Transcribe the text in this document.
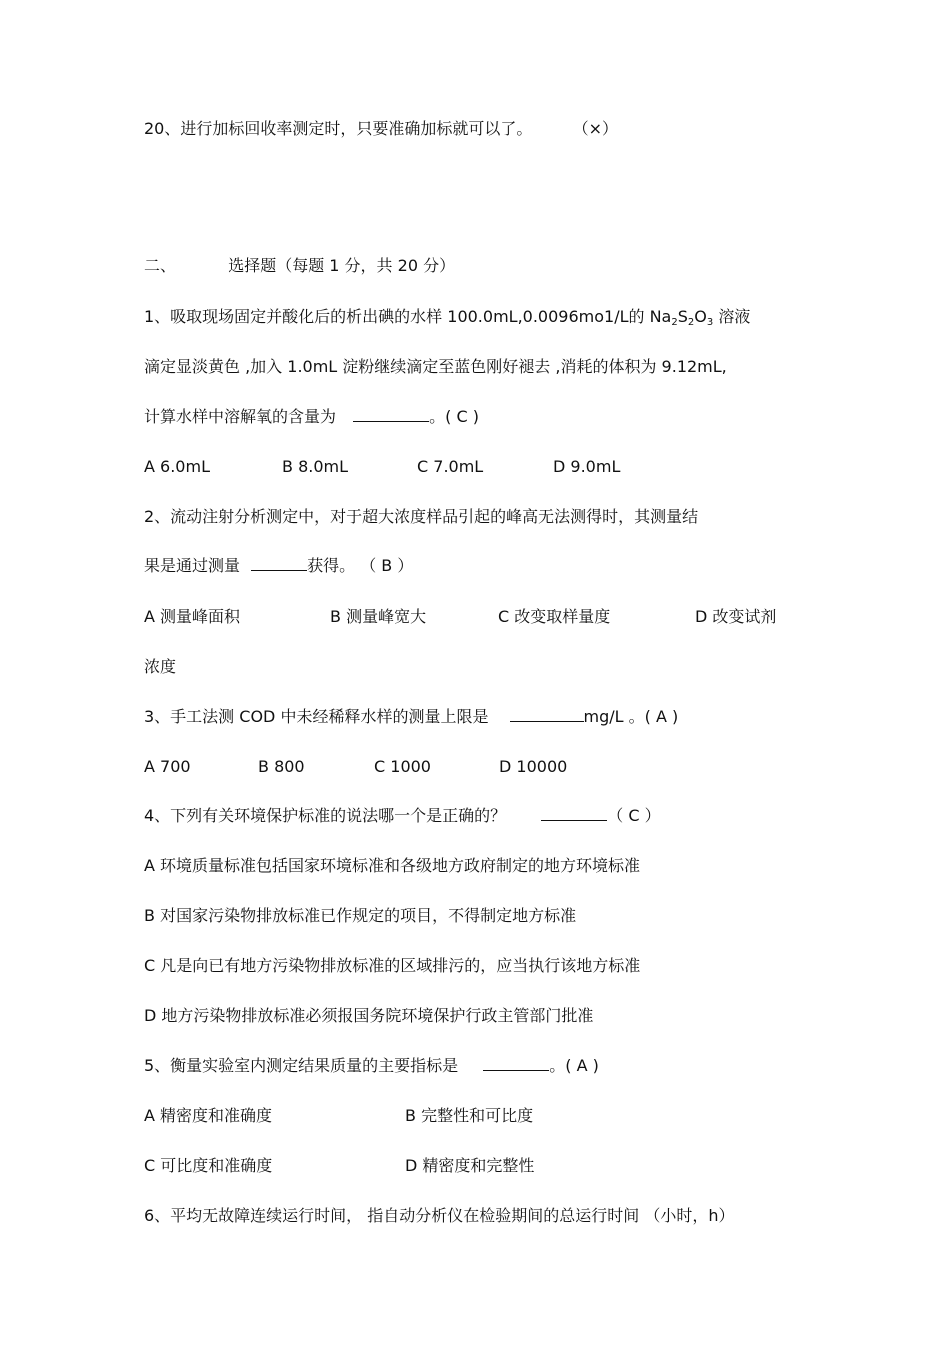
20、进行加标回收率测定时，只要准确加标就可以了。	（×）
二、	选择题（每题 1 分，共 20 分）
1、吸取现场固定并酸化后的析出碘的水样 100.0mL,0.0096mo1/L的 $Na_2S_2O_3$ 溶液
滴定显淡黄色 ,加入 1.0mL 淀粉继续滴定至蓝色刚好褪去 ,消耗的体积为 9.12mL,
计算水样中溶解氧的含量为	。( C )
A 6.0mL	B 8.0mL	C 7.0mL	D 9.0mL
2、流动注射分析测定中，对于超大浓度样品引起的峰高无法测得时，其测量结
果是通过测量	获得。 （ B ）
A 测量峰面积	B 测量峰宽大	C 改变取样量度	D 改变试剂
浓度
3、手工法测 COD 中未经稀释水样的测量上限是	mg/L 。( A )
A 700	B 800	C 1000	D 10000
4、下列有关环境保护标准的说法哪一个是正确的？	（ C ）
A 环境质量标准包括国家环境标准和各级地方政府制定的地方环境标准
B 对国家污染物排放标准已作规定的项目，不得制定地方标准
C 凡是向已有地方污染物排放标准的区域排污的，应当执行该地方标准
D 地方污染物排放标准必须报国务院环境保护行政主管部门批准
5、衡量实验室内测定结果质量的主要指标是	。( A )
A 精密度和准确度	B 完整性和可比度
C 可比度和准确度	D 精密度和完整性
6、平均无故障连续运行时间， 指自动分析仪在检验期间的总运行时间 （小时，h）
